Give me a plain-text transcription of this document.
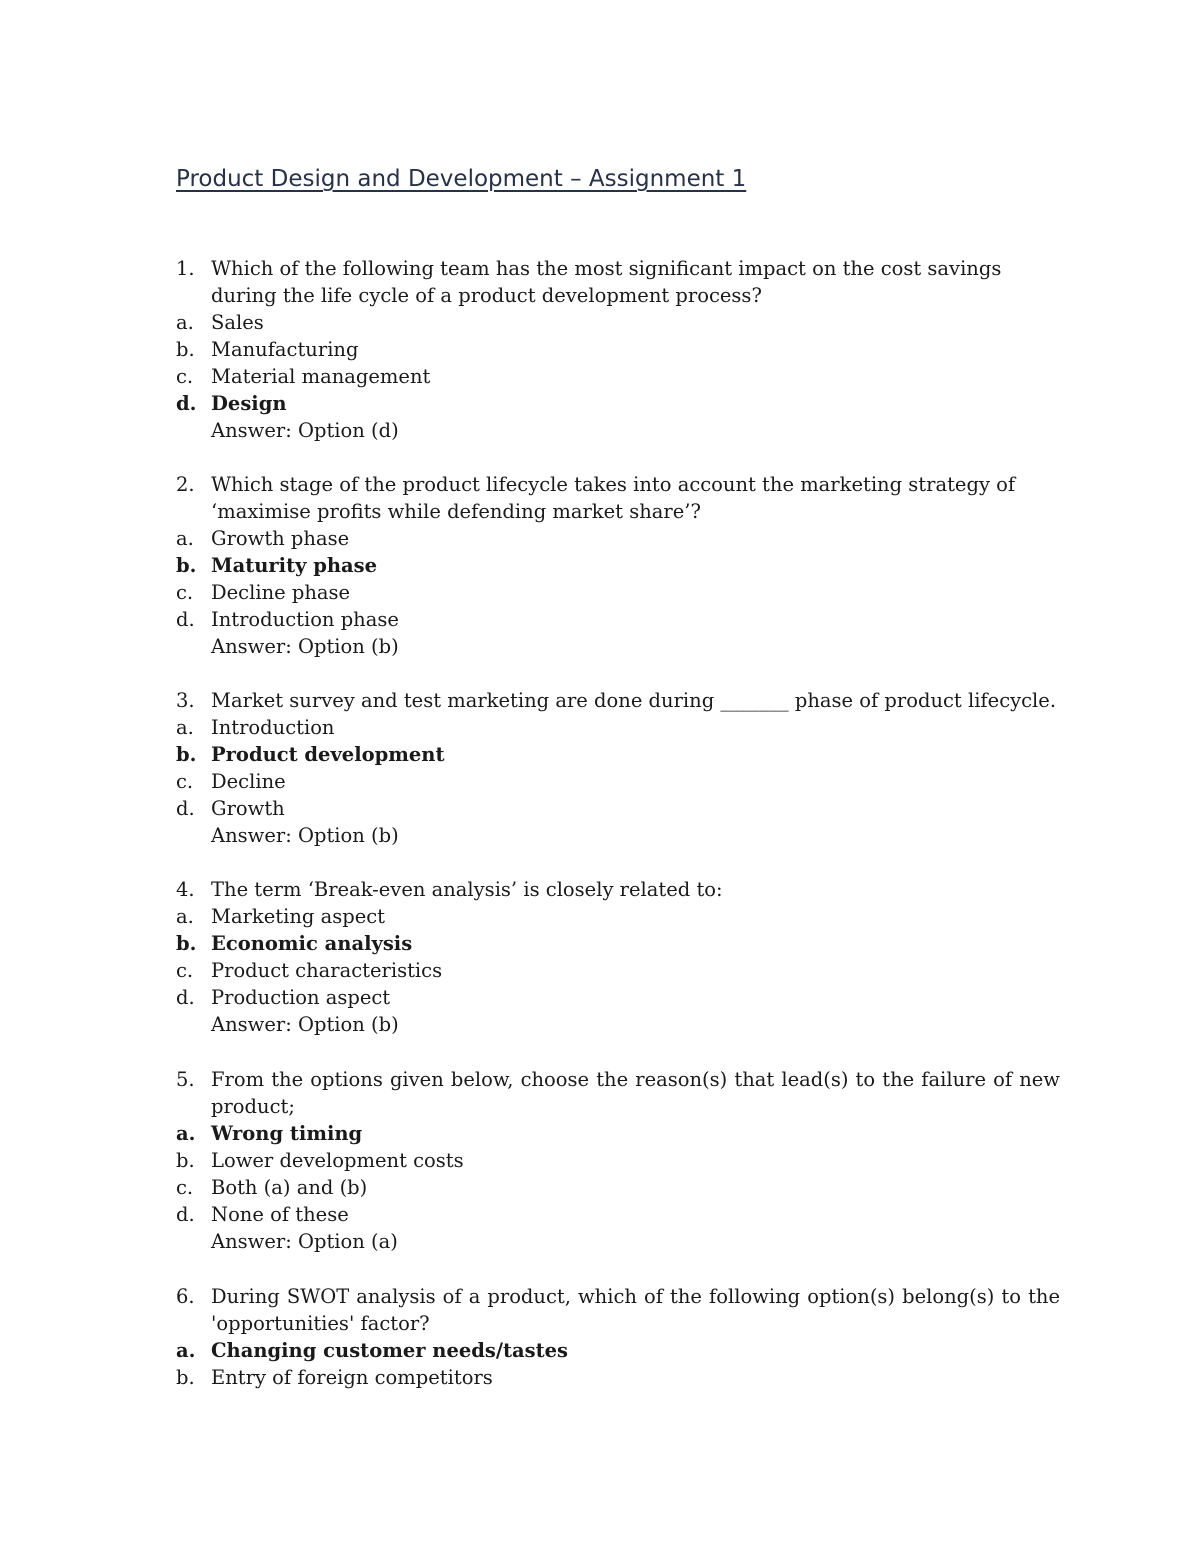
Product Design and Development – Assignment 1
1. Which of the following team has the most significant impact on the cost savings during the life cycle of a product development process?
a. Sales
b. Manufacturing
c. Material management
d. Design
Answer: Option (d)
2. Which stage of the product lifecycle takes into account the marketing strategy of ‘maximise profits while defending market share’?
a. Growth phase
b. Maturity phase
c. Decline phase
d. Introduction phase
Answer: Option (b)
3. Market survey and test marketing are done during _______ phase of product lifecycle.
a. Introduction
b. Product development
c. Decline
d. Growth
Answer: Option (b)
4. The term ‘Break-even analysis’ is closely related to:
a. Marketing aspect
b. Economic analysis
c. Product characteristics
d. Production aspect
Answer: Option (b)
5. From the options given below, choose the reason(s) that lead(s) to the failure of new product;
a. Wrong timing
b. Lower development costs
c. Both (a) and (b)
d. None of these
Answer: Option (a)
6. During SWOT analysis of a product, which of the following option(s) belong(s) to the 'opportunities' factor?
a. Changing customer needs/tastes
b. Entry of foreign competitors
